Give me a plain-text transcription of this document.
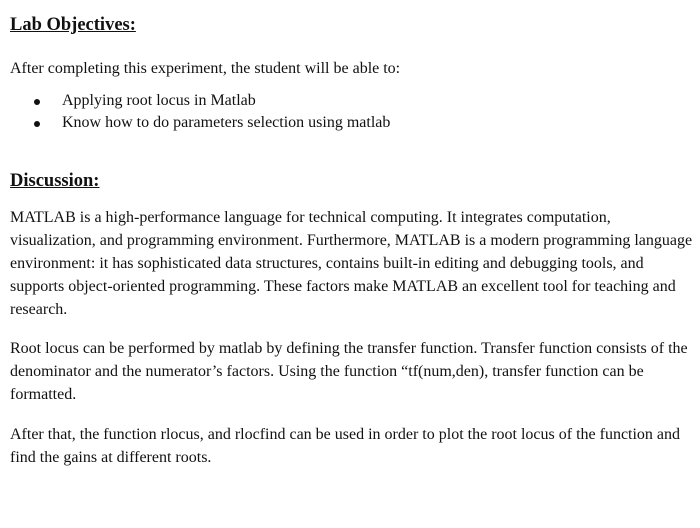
Lab Objectives:

After completing this experiment, the student will be able to:

Applying root locus in Matlab
Know how to do parameters selection using matlab
Discussion:

MATLAB is a high-performance language for technical computing. It integrates computation, visualization, and programming environment. Furthermore, MATLAB is a modern programming language environment: it has sophisticated data structures, contains built-in editing and debugging tools, and supports object-oriented programming. These factors make MATLAB an excellent tool for teaching and research.

Root locus can be performed by matlab by defining the transfer function. Transfer function consists of the denominator and the numerator’s factors. Using the function “tf(num,den), transfer function can be formatted.

After that, the function rlocus, and rlocfind can be used in order to plot the root locus of the function and find the gains at different roots.
